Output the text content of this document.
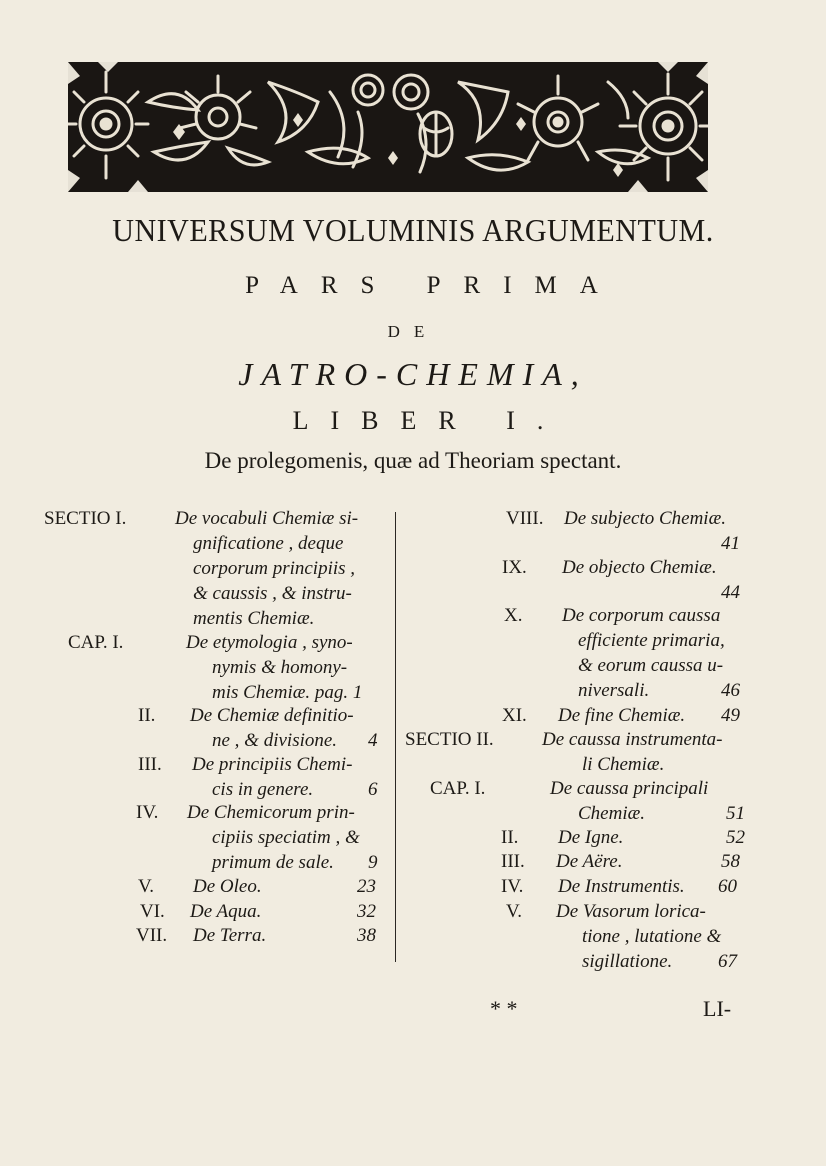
UNIVERSUM VOLUMINIS ARGUMENTUM.
PARS PRIMA
DE
JATRO-CHEMIA,
LIBER I.
De prolegomenis, quæ ad Theoriam spectant.
SECTIO I.	De vocabuli Chemiæ si-
gnificatione , deque
corporum principiis ,
& caussis , & instru-
mentis Chemiæ.
CAP. I.	De etymologia , syno-
nymis & homony-
mis Chemiæ. pag. 1
II. De Chemiæ definitio-
ne , & divisione. 4
III. De principiis Chemi-
cis in genere.	6
IV. De Chemicorum prin-
cipiis speciatim , &
primum de sale. 9
V. De Oleo.	23
VI. De Aqua.	32
VII. De Terra.	38
VIII. De subjecto Chemiæ.
41
IX. De objecto Chemiæ.
44
X. De corporum caussa
efficiente primaria,
& eorum caussa u-
niversali.	46
XI. De fine Chemiæ. 49
SECTIO II.	De caussa instrumenta-
li Chemiæ.
CAP. I.	De caussa principali
Chemiæ.	51
II. De Igne.	52
III. De Aëre.	58
IV. De Instrumentis. 60
V. De Vasorum lorica-
tione , lutatione &
sigillatione. 67
* *	LI-
